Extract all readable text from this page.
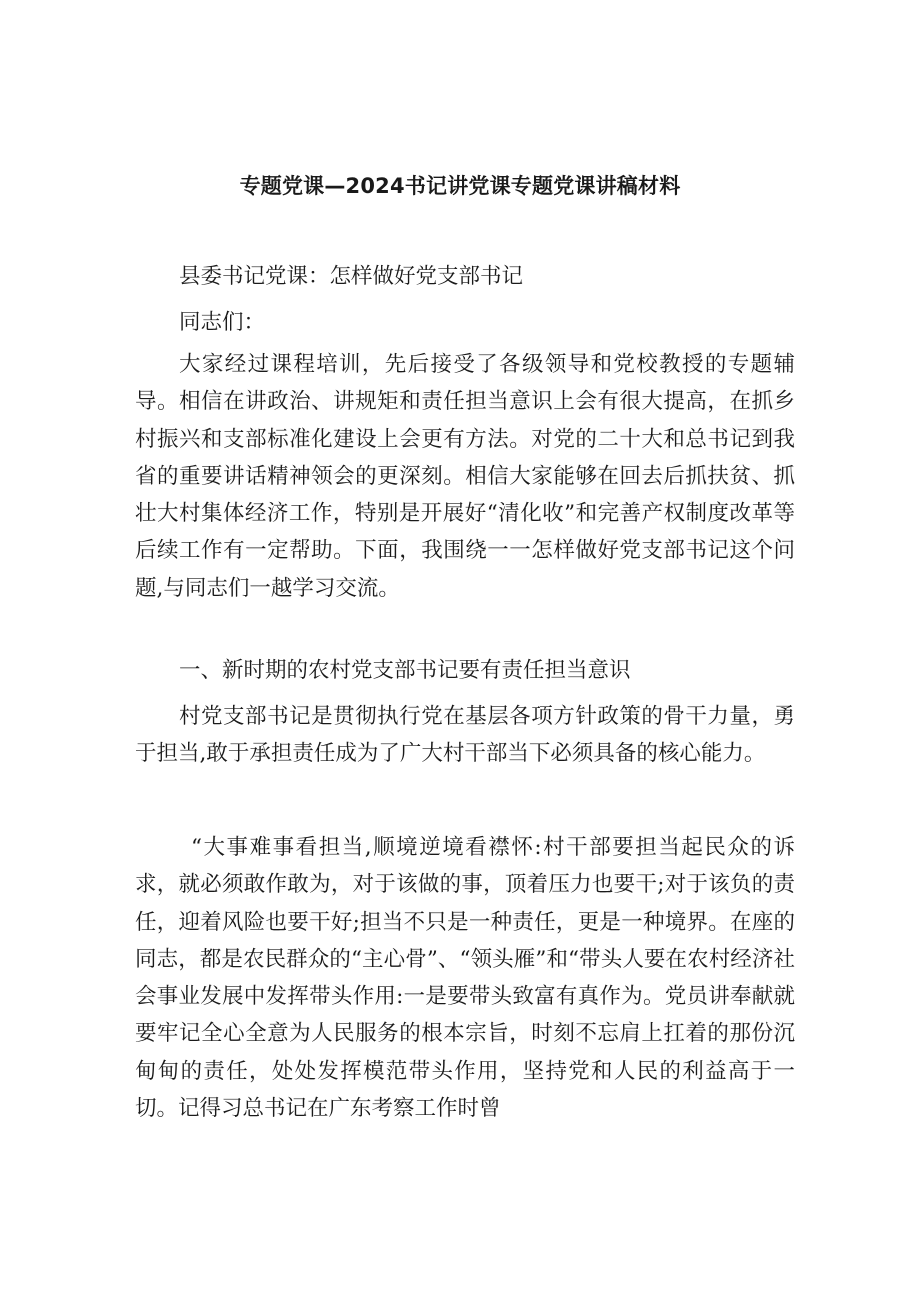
专题党课—2024书记讲党课专题党课讲稿材料
县委书记党课：怎样做好党支部书记
同志们：
大家经过课程培训，先后接受了各级领导和党校教授的专题辅导。相信在讲政治、讲规矩和责任担当意识上会有很大提高，在抓乡村振兴和支部标准化建设上会更有方法。对党的二十大和总书记到我省的重要讲话精神领会的更深刻。相信大家能够在回去后抓扶贫、抓壮大村集体经济工作，特别是开展好“清化收”和完善产权制度改革等后续工作有一定帮助。下面，我围绕一一怎样做好党支部书记这个问题,与同志们一越学习交流。
一、新时期的农村党支部书记要有责任担当意识
村党支部书记是贯彻执行党在基层各项方针政策的骨干力量，勇于担当,敢于承担责任成为了广大村干部当下必须具备的核心能力。
“大事难事看担当,顺境逆境看襟怀:村干部要担当起民众的诉求，就必须敢作敢为，对于该做的事，顶着压力也要干;对于该负的责任，迎着风险也要干好;担当不只是一种责任，更是一种境界。在座的同志，都是农民群众的“主心骨”、“领头雁”和“带头人要在农村经济社会事业发展中发挥带头作用:一是要带头致富有真作为。党员讲奉献就要牢记全心全意为人民服务的根本宗旨，时刻不忘肩上扛着的那份沉甸甸的责任，处处发挥模范带头作用，坚持党和人民的利益高于一切。记得习总书记在广东考察工作时曾
